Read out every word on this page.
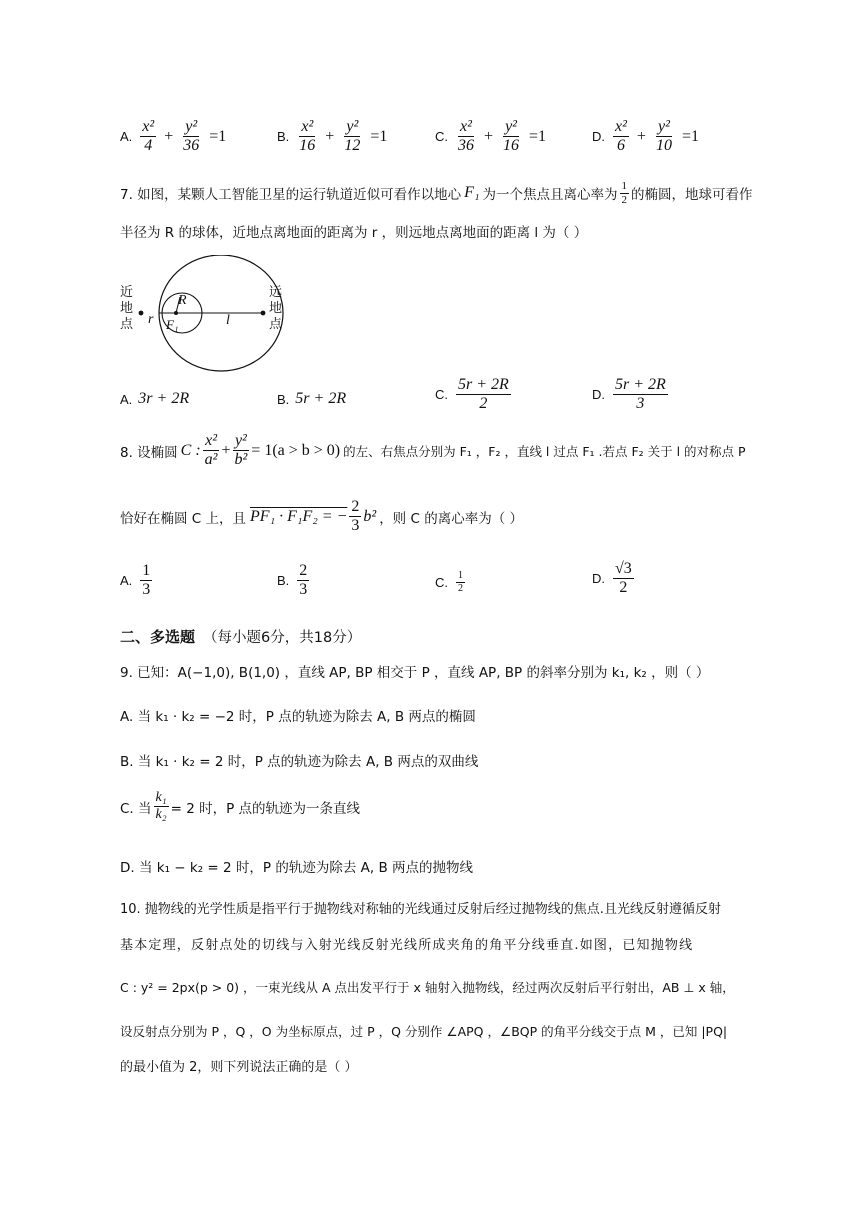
A. $\frac{\text{x²}}{4} + \frac{\text{y²}}{36} =1$	B. $\frac{\text{x²}}{16} + \frac{\text{y²}}{12} =1$	C. $\frac{\text{x²}}{36} + \frac{\text{y²}}{16} =1$	D. $\frac{\text{x²}}{6} + \frac{\text{y²}}{10} =1$
7. 如图，某颗人工智能卫星的运行轨道近似可看作以地心 F₁ 为一个焦点且离心率为 $\frac{1}{2}$ 的椭圆，地球可看作
半径为 R 的球体，近地点离地面的距离为 r ，则远地点离地面的距离 l 为（ ）
近
地
点
远
地
点
r
R
F₁	l
A. 3r + 2R	B. 5r + 2R	C. $\frac{5r + 2R}{2}$	D. $\frac{5r + 2R}{3}$
8. 设椭圆 C : $\frac{\text{x²}}{\text{a²}} + \frac{\text{y²}}{\text{b²}} = 1(a > b > 0)$ 的左、右焦点分别为 F₁ ，F₂ ，直线 l 过点 F₁ .若点 F₂ 关于 l 的对称点 P
恰好在椭圆 C 上，且 PF₁ · F₁F₂ = − $\frac{2}{3} b^2$ ，则 C 的离心率为（ ）
A. $\frac{1}{3}$	B. $\frac{2}{3}$	C. $\frac{1}{2}$	D. $\frac{√3}{2}$
二、多选题 （每小题6分，共18分）
9. 已知：A(−1,0), B(1,0) ，直线 AP, BP 相交于 P ，直线 AP, BP 的斜率分别为 k₁, k₂ ，则（ ）
A. 当 k₁ · k₂ = −2 时，P 点的轨迹为除去 A, B 两点的椭圆
B. 当 k₁ · k₂ = 2 时，P 点的轨迹为除去 A, B 两点的双曲线
C. 当 $\frac{\text{k₁}}{\text{k₂}} = 2$ 时，P 点的轨迹为一条直线
D. 当 k₁ − k₂ = 2 时，P 的轨迹为除去 A, B 两点的抛物线
10. 抛物线的光学性质是指平行于抛物线对称轴的光线通过反射后经过抛物线的焦点.且光线反射遵循反射
基本定理，反射点处的切线与入射光线反射光线所成夹角的角平分线垂直.如图，已知抛物线
C : y² = 2px(p > 0) ，一束光线从 A 点出发平行于 x 轴射入抛物线，经过两次反射后平行射出，AB ⊥ x 轴，
设反射点分别为 P ，Q ，O 为坐标原点，过 P ，Q 分别作 ∠APQ ，∠BQP 的角平分线交于点 M ，已知 |PQ|
的最小值为 2，则下列说法正确的是（ ）
